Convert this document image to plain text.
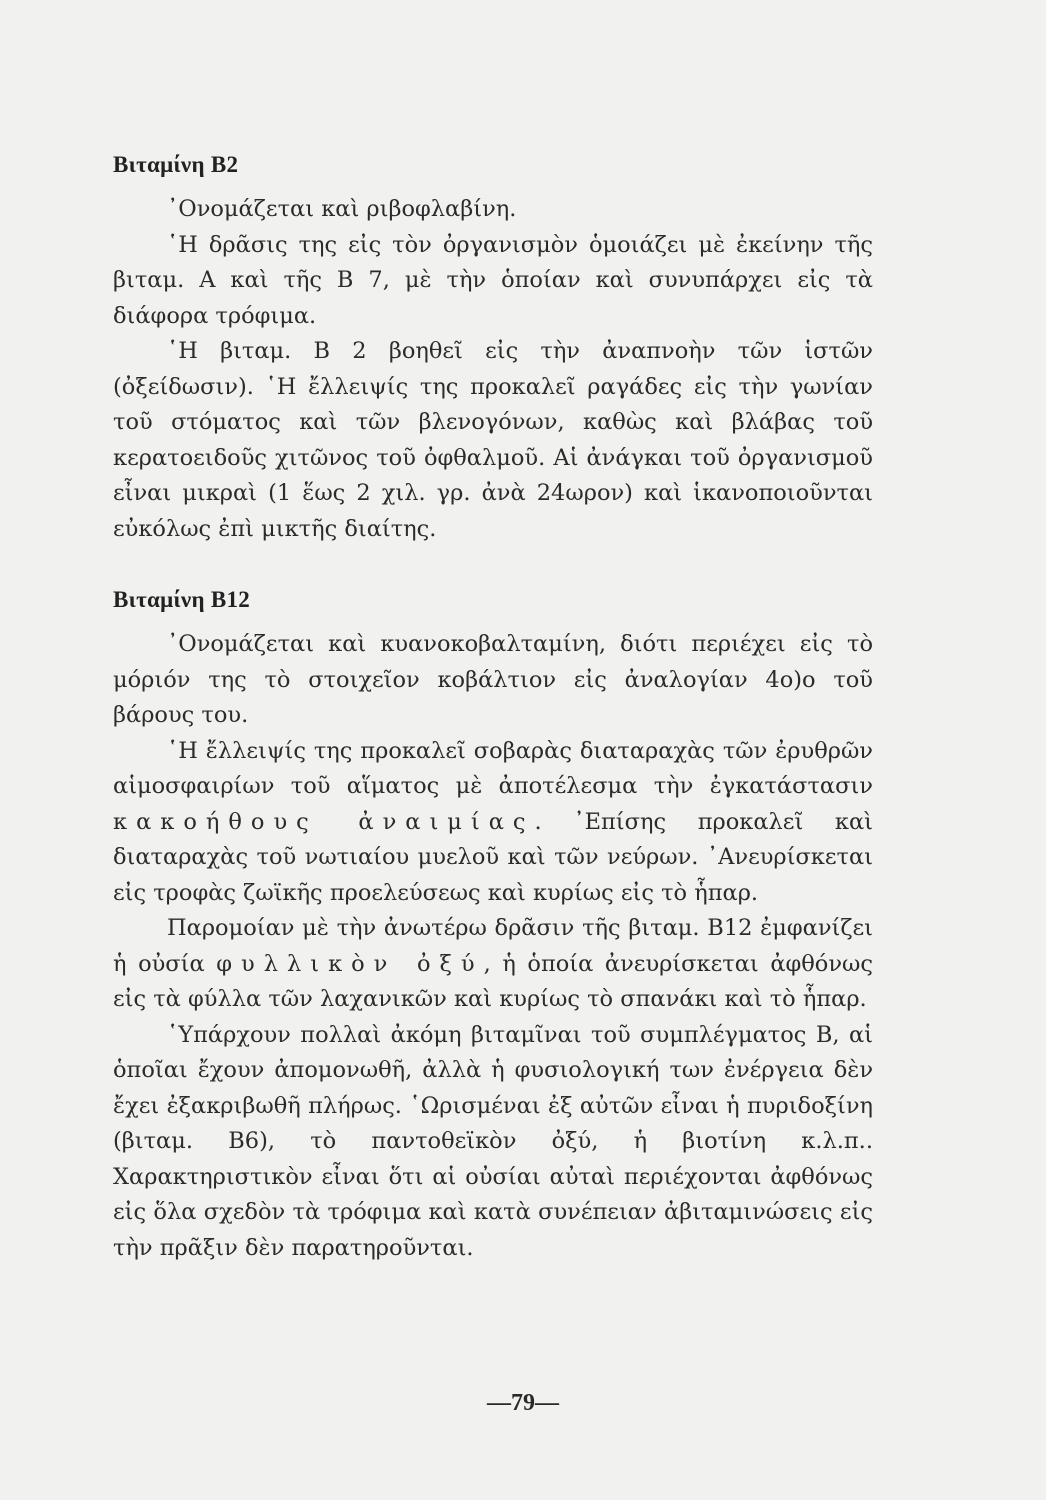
Βιταμίνη Β2

᾿Ονομάζεται καὶ ριβοφλαβίνη.

῾Η δρᾶσις της εἰς τὸν ὀργανισμὸν ὁμοιάζει μὲ ἐκείνην τῆς βιταμ. Α καὶ τῆς Β 7, μὲ τὴν ὁποίαν καὶ συνυπάρχει εἰς τὰ διάφορα τρόφιμα.

῾Η βιταμ. Β 2 βοηθεῖ εἰς τὴν ἀναπνοὴν τῶν ἱστῶν (ὀξείδωσιν). ῾Η ἔλλειψίς της προκαλεῖ ραγάδες εἰς τὴν γωνίαν τοῦ στόματος καὶ τῶν βλενογόνων, καθὼς καὶ βλάβας τοῦ κερατοειδοῦς χιτῶνος τοῦ ὀφθαλμοῦ. Αἱ ἀνάγκαι τοῦ ὀργανισμοῦ εἶναι μικραὶ (1 ἕως 2 χιλ. γρ. ἀνὰ 24ωρον) καὶ ἱκανοποιοῦνται εὐκόλως ἐπὶ μικτῆς διαίτης.

Βιταμίνη Β12

᾿Ονομάζεται καὶ κυανοκοβαλταμίνη, διότι περιέχει εἰς τὸ μόριόν της τὸ στοιχεῖον κοβάλτιον εἰς ἀναλογίαν 4ο)ο τοῦ βάρους του.

῾Η ἔλλειψίς της προκαλεῖ σοβαρὰς διαταραχὰς τῶν ἐρυθρῶν αἱμοσφαιρίων τοῦ αἵματος μὲ ἀποτέλεσμα τὴν ἐγκατάστασιν κακοήθους ἀναιμίας. ᾿Επίσης προκαλεῖ καὶ διαταραχὰς τοῦ νωτιαίου μυελοῦ καὶ τῶν νεύρων. ᾿Ανευρίσκεται εἰς τροφὰς ζωϊκῆς προελεύσεως καὶ κυρίως εἰς τὸ ἧπαρ.

Παρομοίαν μὲ τὴν ἀνωτέρω δρᾶσιν τῆς βιταμ. Β12 ἐμφανίζει ἡ οὐσία φυλλικὸν ὀξύ, ἡ ὁποία ἀνευρίσκεται ἀφθόνως εἰς τὰ φύλλα τῶν λαχανικῶν καὶ κυρίως τὸ σπανάκι καὶ τὸ ἧπαρ.

῾Υπάρχουν πολλαὶ ἀκόμη βιταμῖναι τοῦ συμπλέγματος Β, αἱ ὁποῖαι ἔχουν ἀπομονωθῆ, ἀλλὰ ἡ φυσιολογική των ἐνέργεια δὲν ἔχει ἐξακριβωθῆ πλήρως. ῾Ωρισμέναι ἐξ αὐτῶν εἶναι ἡ πυριδοξίνη (βιταμ. Β6), τὸ παντοθεϊκὸν ὀξύ, ἡ βιοτίνη κ.λ.π.. Χαρακτηριστικὸν εἶναι ὅτι αἱ οὐσίαι αὐταὶ περιέχονται ἀφθόνως εἰς ὅλα σχεδὸν τὰ τρόφιμα καὶ κατὰ συνέπειαν ἀβιταμινώσεις εἰς τὴν πρᾶξιν δὲν παρατηροῦνται.

—79—
